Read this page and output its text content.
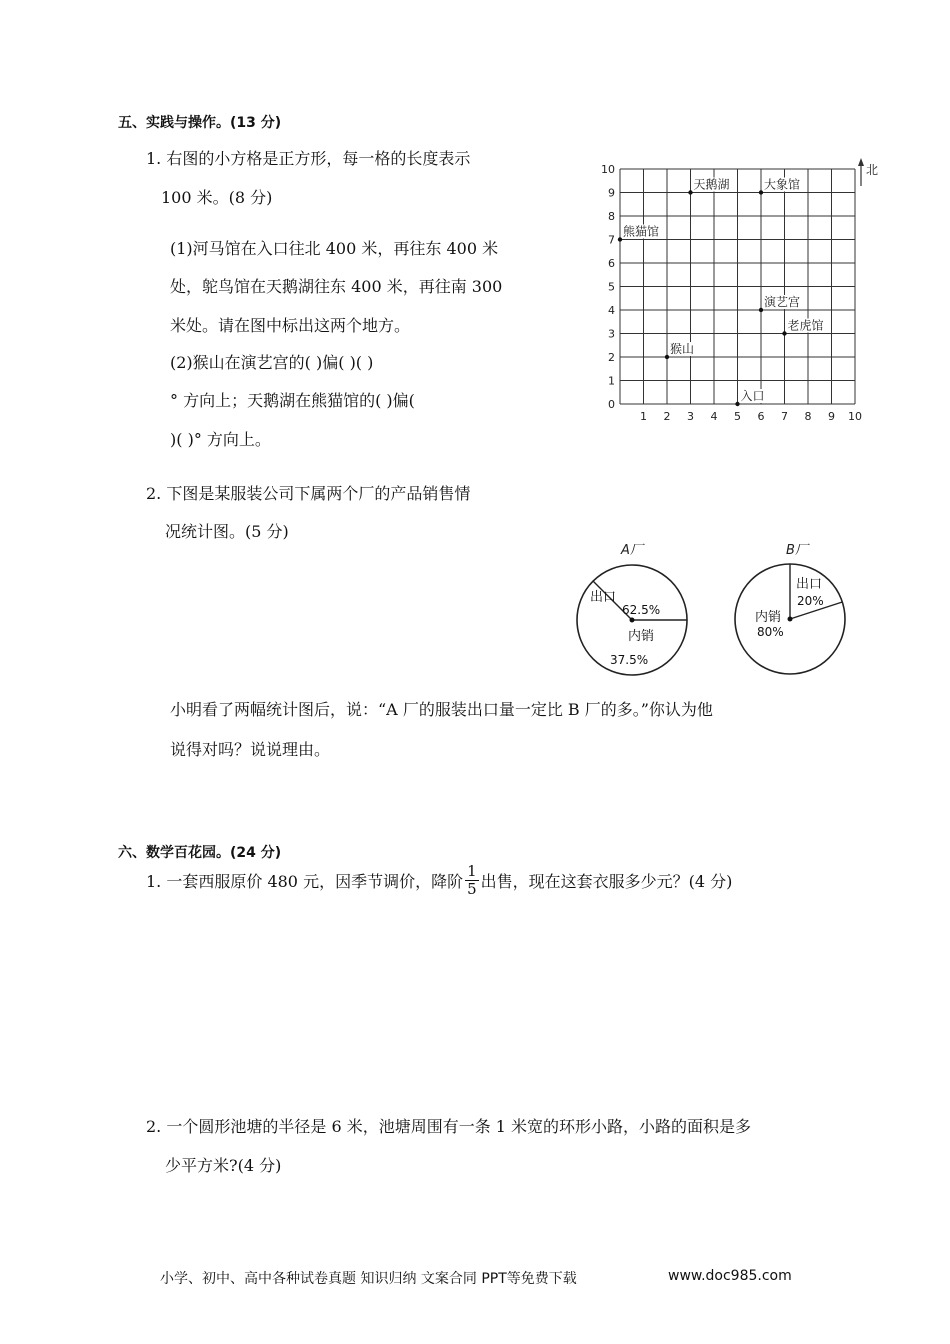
五、实践与操作。(13 分)
1. 右图的小方格是正方形，每一格的长度表示
100 米。(8 分)
(1)河马馆在入口往北 400 米，再往东 400 米
处，鸵鸟馆在天鹅湖往东 400 米，再往南 300
米处。请在图中标出这两个地方。
(2)猴山在演艺宫的( )偏( )( )
° 方向上；天鹅湖在熊猫馆的( )偏(
)( )° 方向上。
1 2 3 4 5 6 7 8 9 10
0
1
2
3
4
5
6
7
8
9
10
天鹅湖	大象馆
熊猫馆
演艺宫
老虎馆
猴山
入口
北
2. 下图是某服装公司下属两个厂的产品销售情
况统计图。(5 分)
A厂
出口
62.5%
内销
37.5%
B厂
出口
20%
内销
80%
小明看了两幅统计图后，说：“A 厂的服装出口量一定比 B 厂的多。”你认为他
说得对吗？说说理由。
六、数学百花园。(24 分)
1. 一套西服原价 480 元，因季节调价，降阶 $\frac{1}{5}$ 出售，现在这套衣服多少元？(4 分)
2. 一个圆形池塘的半径是 6 米，池塘周围有一条 1 米宽的环形小路，小路的面积是多
少平方米?(4 分)
小学、初中、高中各种试卷真题 知识归纳 文案合同 PPT等免费下载	www.doc985.com
